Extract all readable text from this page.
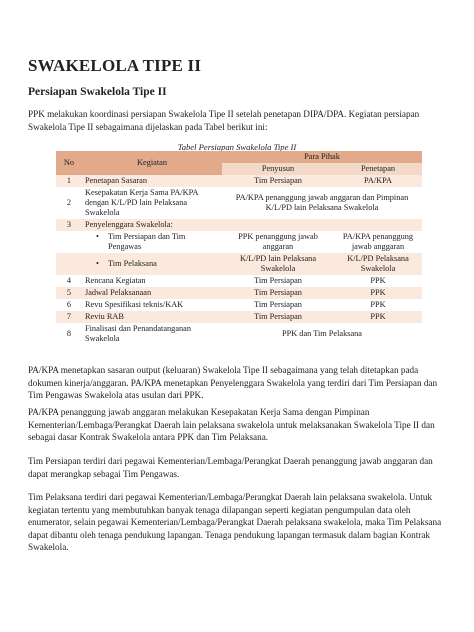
SWAKELOLA TIPE II
Persiapan Swakelola Tipe II

PPK melakukan koordinasi persiapan Swakelola Tipe II setelah penetapan DIPA/DPA. Kegiatan persiapan Swakelola Tipe II sebagaimana dijelaskan pada Tabel berikut ini:

Tabel Persiapan Swakelola Tipe II
No	Kegiatan	Para Pihak	
		Penyusun	Penetapan
1	Penetapan Sasaran	Tim Persiapan	PA/KPA
2	Kesepakatan Kerja Sama PA/KPA dengan K/L/PD lain Pelaksana Swakelola	PA/KPA penanggung jawab anggaran dan Pimpinan K/L/PD lain Pelaksana Swakelola	
3	Penyelenggara Swakelola:		

	• Tim Persiapan dan Tim Pengawas	PPK penanggung jawab anggaran	PA/KPA penanggung jawab anggaran

	• Tim Pelaksana	K/L/PD lain Pelaksana Swakelola	K/L/PD Pelaksana Swakelola
4	Rencana Kegiatan	Tim Persiapan	PPK
5	Jadwal Pelaksanaan	Tim Persiapan	PPK
6	Revu Spesifikasi teknis/KAK	Tim Persiapan	PPK
7	Reviu RAB	Tim Persiapan	PPK
8	Finalisasi dan Penandatanganan Swakelola	PPK dan Tim Pelaksana	

PA/KPA menetapkan sasaran output (keluaran) Swakelola Tipe II sebagaimana yang telah ditetapkan pada dokumen kinerja/anggaran. PA/KPA menetapkan Penyelenggara Swakelola yang terdiri dari Tim Persiapan dan Tim Pengawas Swakelola atas usulan dari PPK.

PA/KPA penanggung jawab anggaran melakukan Kesepakatan Kerja Sama dengan Pimpinan Kementerian/Lembaga/Perangkat Daerah lain pelaksana swakelola untuk melaksanakan Swakelola Tipe II dan sebagai dasar Kontrak Swakelola antara PPK dan Tim Pelaksana.

Tim Persiapan terdiri dari pegawai Kementerian/Lembaga/Perangkat Daerah penanggung jawab anggaran dan dapat merangkap sebagai Tim Pengawas.

Tim Pelaksana terdiri dari pegawai Kementerian/Lembaga/Perangkat Daerah lain pelaksana swakelola. Untuk kegiatan tertentu yang membutuhkan banyak tenaga dilapangan seperti kegiatan pengumpulan data oleh enumerator, selain pegawai Kementerian/Lembaga/Perangkat Daerah pelaksana swakelola, maka Tim Pelaksana dapat dibantu oleh tenaga pendukung lapangan. Tenaga pendukung lapangan termasuk dalam bagian Kontrak Swakelola.
